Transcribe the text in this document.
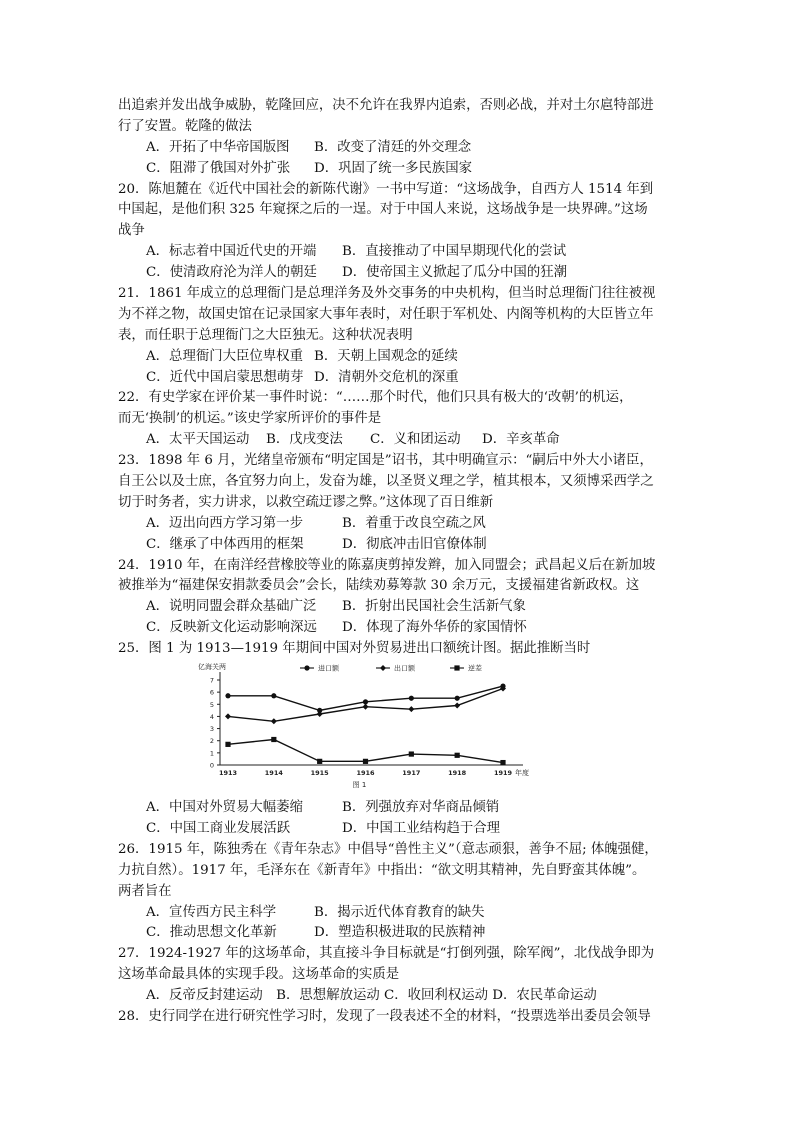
出追索并发出战争威胁，乾隆回应，决不允许在我界内追索，否则必战，并对土尔扈特部进
行了安置。乾隆的做法
A．开拓了中华帝国版图 B．改变了清廷的外交理念
C．阻滞了俄国对外扩张 D．巩固了统一多民族国家
20．陈旭麓在《近代中国社会的新陈代谢》一书中写道：“这场战争，自西方人 1514 年到
中国起，是他们积 325 年窥探之后的一逞。对于中国人来说，这场战争是一块界碑。”这场
战争
A．标志着中国近代史的开端 B．直接推动了中国早期现代化的尝试
C．使清政府沦为洋人的朝廷 D．使帝国主义掀起了瓜分中国的狂潮
21．1861 年成立的总理衙门是总理洋务及外交事务的中央机构，但当时总理衙门往往被视
为不祥之物，故国史馆在记录国家大事年表时，对任职于军机处、内阁等机构的大臣皆立年
表，而任职于总理衙门之大臣独无。这种状况表明
A．总理衙门大臣位卑权重 B．天朝上国观念的延续
C．近代中国启蒙思想萌芽 D．清朝外交危机的深重
22．有史学家在评价某一事件时说：“……那个时代，他们只具有极大的‘改朝’的机运，
而无‘换制’的机运。”该史学家所评价的事件是
A．太平天国运动 B．戊戌变法 C．义和团运动 D．辛亥革命
23．1898 年 6 月，光绪皇帝颁布“明定国是”诏书，其中明确宣示：“嗣后中外大小诸臣，
自王公以及士庶，各宜努力向上，发奋为雄，以圣贤义理之学，植其根本，又须博采西学之
切于时务者，实力讲求，以救空疏迂谬之弊。”这体现了百日维新
A．迈出向西方学习第一步	B．着重于改良空疏之风
C．继承了中体西用的框架	D．彻底冲击旧官僚体制
24．1910 年，在南洋经营橡胶等业的陈嘉庚剪掉发辫，加入同盟会；武昌起义后在新加坡
被推举为“福建保安捐款委员会”会长，陆续劝募筹款 30 余万元，支援福建省新政权。这
A．说明同盟会群众基础广泛 B．折射出民国社会生活新气象
C．反映新文化运动影响深远 D．体现了海外华侨的家国情怀
25．图 1 为 1913—1919 年期间中国对外贸易进出口额统计图。据此推断当时
0
1
2
3
4
5
6
7
亿海关两
1913	1914	1915	1916	1917	1918	1919 年度
图 1
进口额	出口额	逆差
A．中国对外贸易大幅萎缩	B．列强放弃对华商品倾销
C．中国工商业发展活跃	D．中国工业结构趋于合理
26．1915 年，陈独秀在《青年杂志》中倡导“兽性主义”（意志顽狠，善争不屈; 体魄强健，
力抗自然）。1917 年，毛泽东在《新青年》中指出：“欲文明其精神，先自野蛮其体魄”。
两者旨在
A．宣传西方民主科学	B．揭示近代体育教育的缺失
C．推动思想文化革新	D．塑造积极进取的民族精神
27．1924-1927 年的这场革命，其直接斗争目标就是“打倒列强，除军阀”，北伐战争即为
这场革命最具体的实现手段。这场革命的实质是
A．反帝反封建运动　B．思想解放运动 C．收回利权运动 D．农民革命运动
28．史行同学在进行研究性学习时，发现了一段表述不全的材料，“投票选举出委员会领导
